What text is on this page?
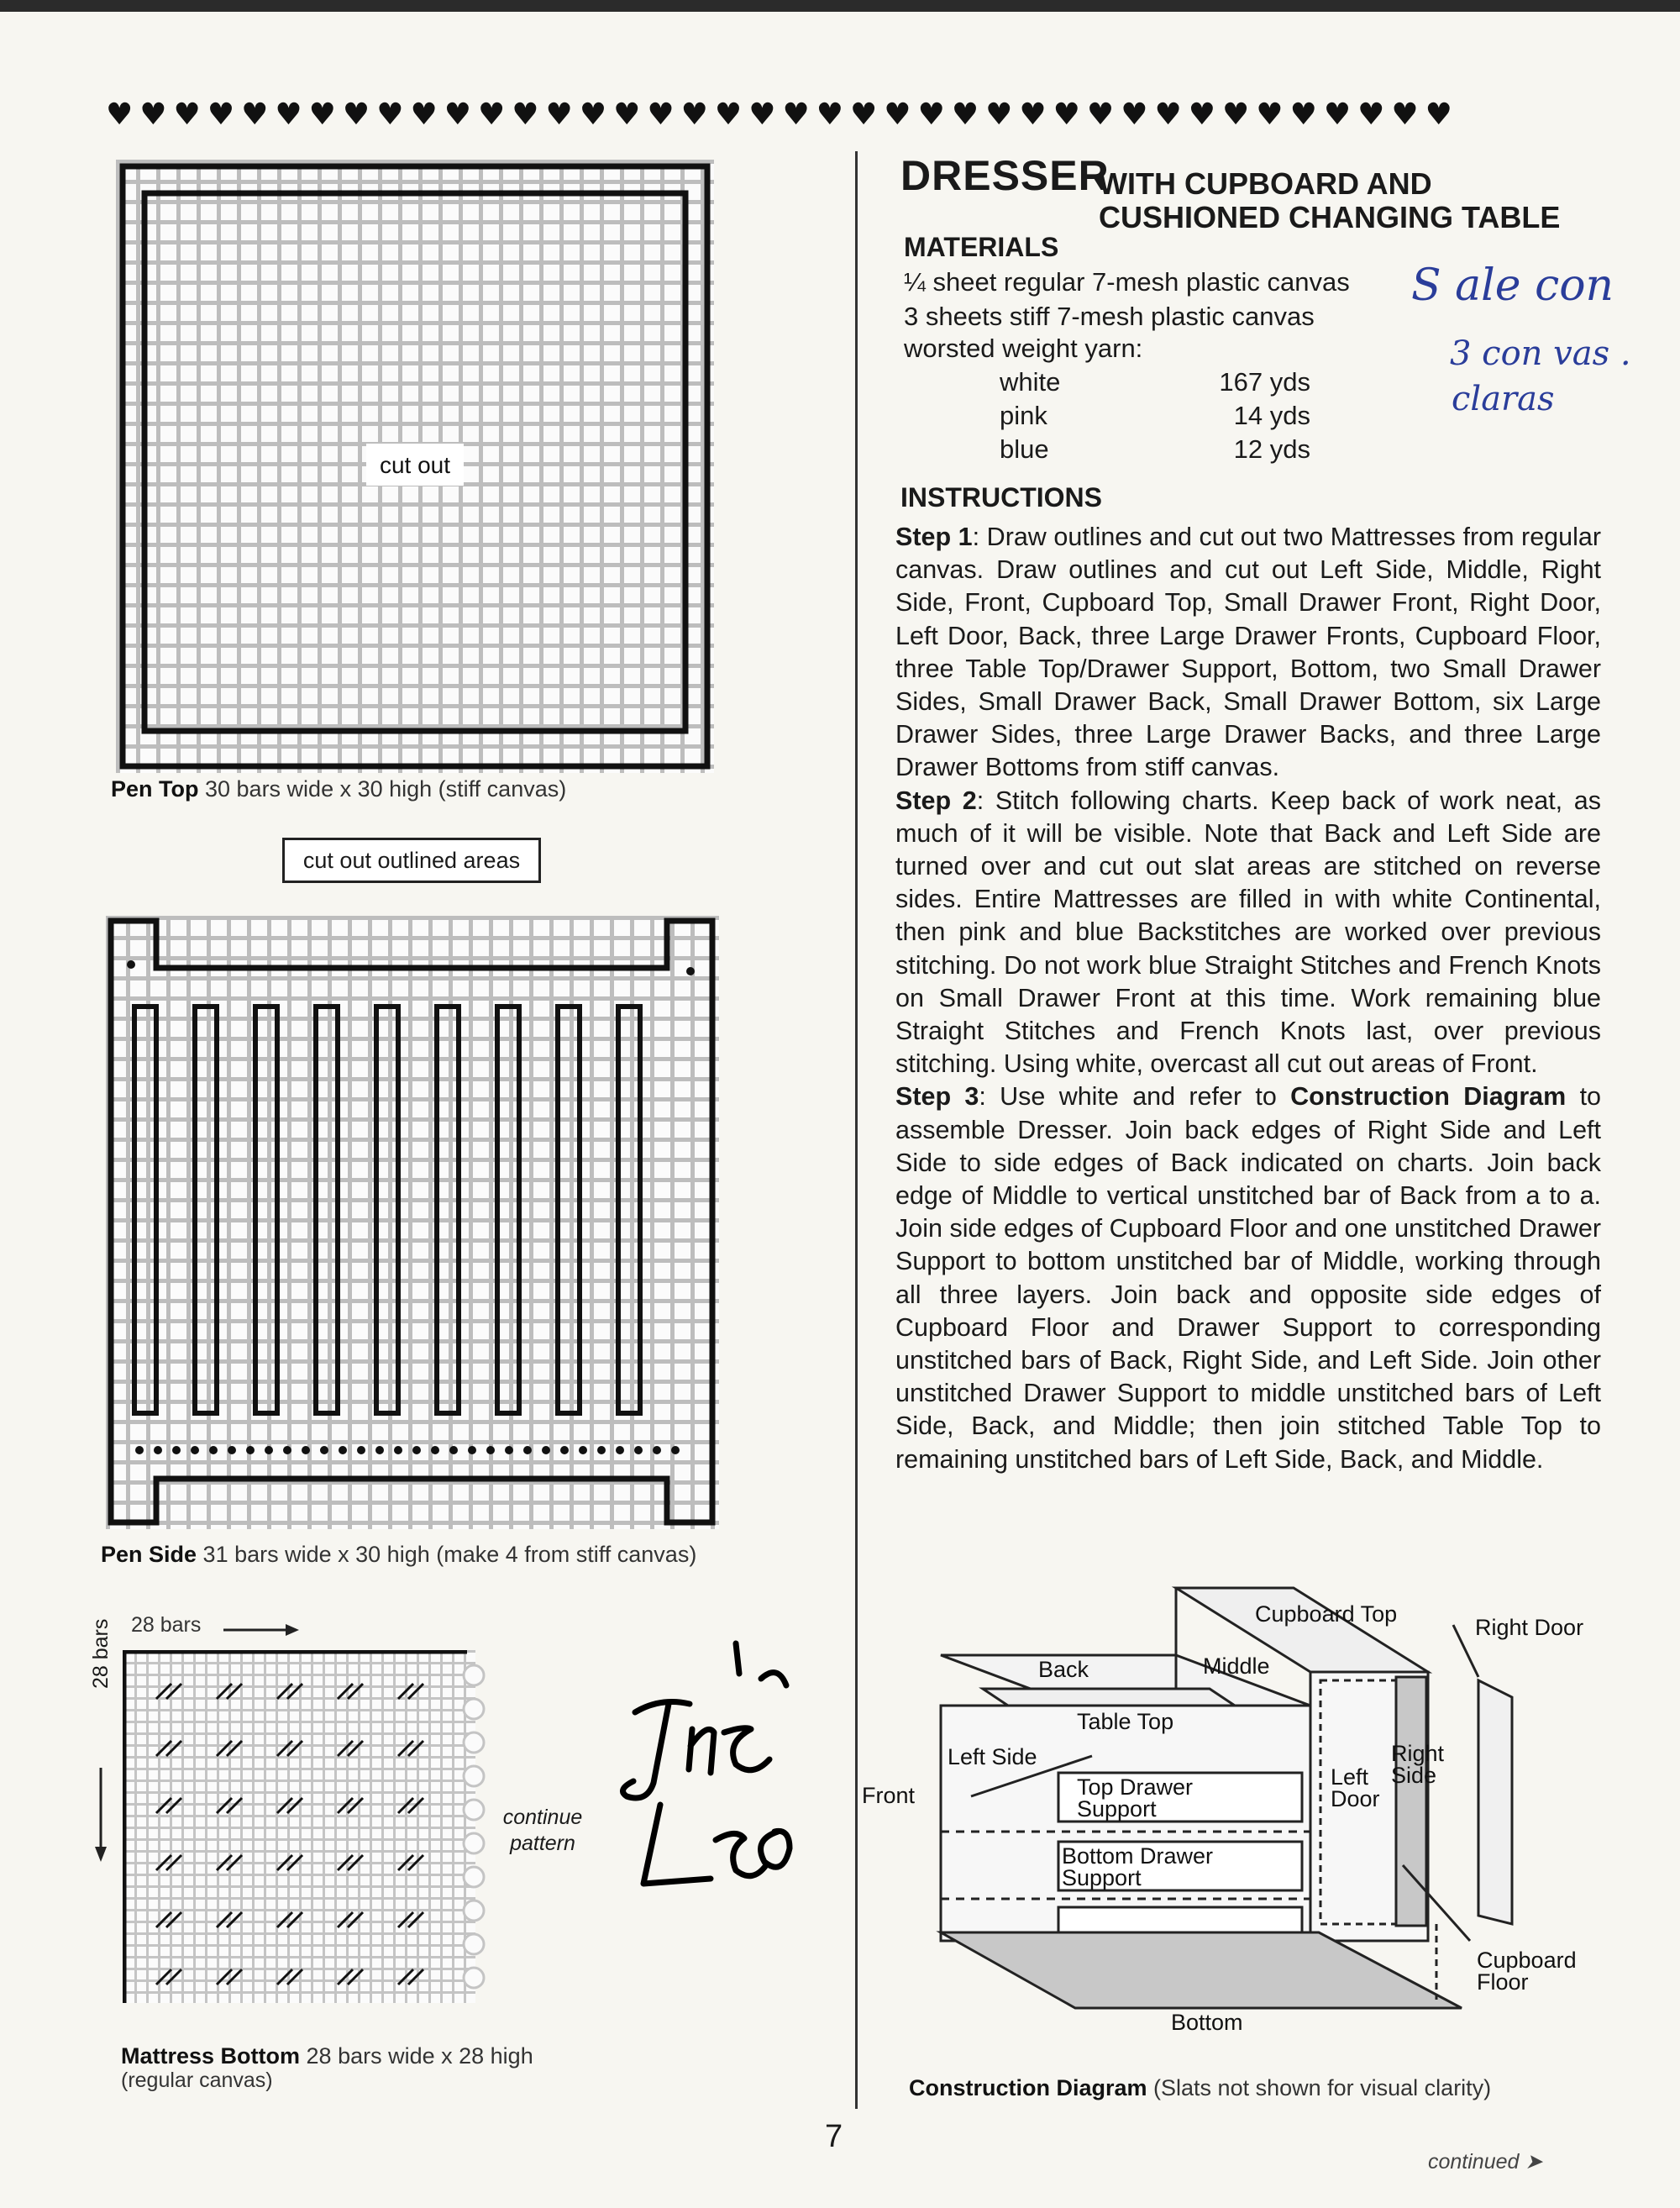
♥♥♥♥♥♥♥♥♥♥♥♥♥♥♥♥♥♥♥♥♥♥♥♥♥♥♥♥♥♥♥♥♥♥♥♥♥♥♥♥
cut out
Pen Top 30 bars wide x 30 high (stiff canvas)
cut out outlined areas
Pen Side 31 bars wide x 30 high (make 4 from stiff canvas)
28 bars
28 bars
continue pattern
Mattress Bottom 28 bars wide x 28 high
(regular canvas)
DRESSER
WITH CUPBOARD AND
CUSHIONED CHANGING TABLE
MATERIALS
¼ sheet regular 7-mesh plastic canvas
3 sheets stiff 7-mesh plastic canvas
worsted weight yarn:
white	167 yds
pink	14 yds
blue	12 yds
S ale con
3 con vas .
claras
INSTRUCTIONS

Step 1: Draw outlines and cut out two Mattresses from regular canvas. Draw outlines and cut out Left Side, Middle, Right Side, Front, Cupboard Top, Small Drawer Front, Right Door, Left Door, Back, three Large Drawer Fronts, Cupboard Floor, three Table Top/Drawer Support, Bottom, two Small Drawer Sides, Small Drawer Back, Small Drawer Bottom, six Large Drawer Sides, three Large Drawer Backs, and three Large Drawer Bottoms from stiff canvas.

Step 2: Stitch following charts. Keep back of work neat, as much of it will be visible. Note that Back and Left Side are turned over and cut out slat areas are stitched on reverse sides. Entire Mattresses are filled in with white Continental, then pink and blue Backstitches are worked over previous stitching. Do not work blue Straight Stitches and French Knots on Small Drawer Front at this time. Work remaining blue Straight Stitches and French Knots last, over previous stitching. Using white, overcast all cut out areas of Front.

Step 3: Use white and refer to Construction Diagram to assemble Dresser. Join back edges of Right Side and Left Side to side edges of Back indicated on charts. Join back edge of Middle to vertical unstitched bar of Back from a to a. Join side edges of Cupboard Floor and one unstitched Drawer Support to bottom unstitched bar of Middle, working through all three layers. Join back and opposite side edges of Cupboard Floor and Drawer Support to corresponding unstitched bars of Back, Right Side, and Left Side. Join other unstitched Drawer Support to middle unstitched bars of Left Side, Back, and Middle; then join stitched Table Top to remaining unstitched bars of Left Side, Back, and Middle.

Cupboard Top
Right Door
Back	Middle
Table Top
Left Side
Front	Top Drawer Support
Bottom Drawer Support
Left Door
Right Side
Cupboard Floor
Bottom
Construction Diagram (Slats not shown for visual clarity)
7
continued ➤
